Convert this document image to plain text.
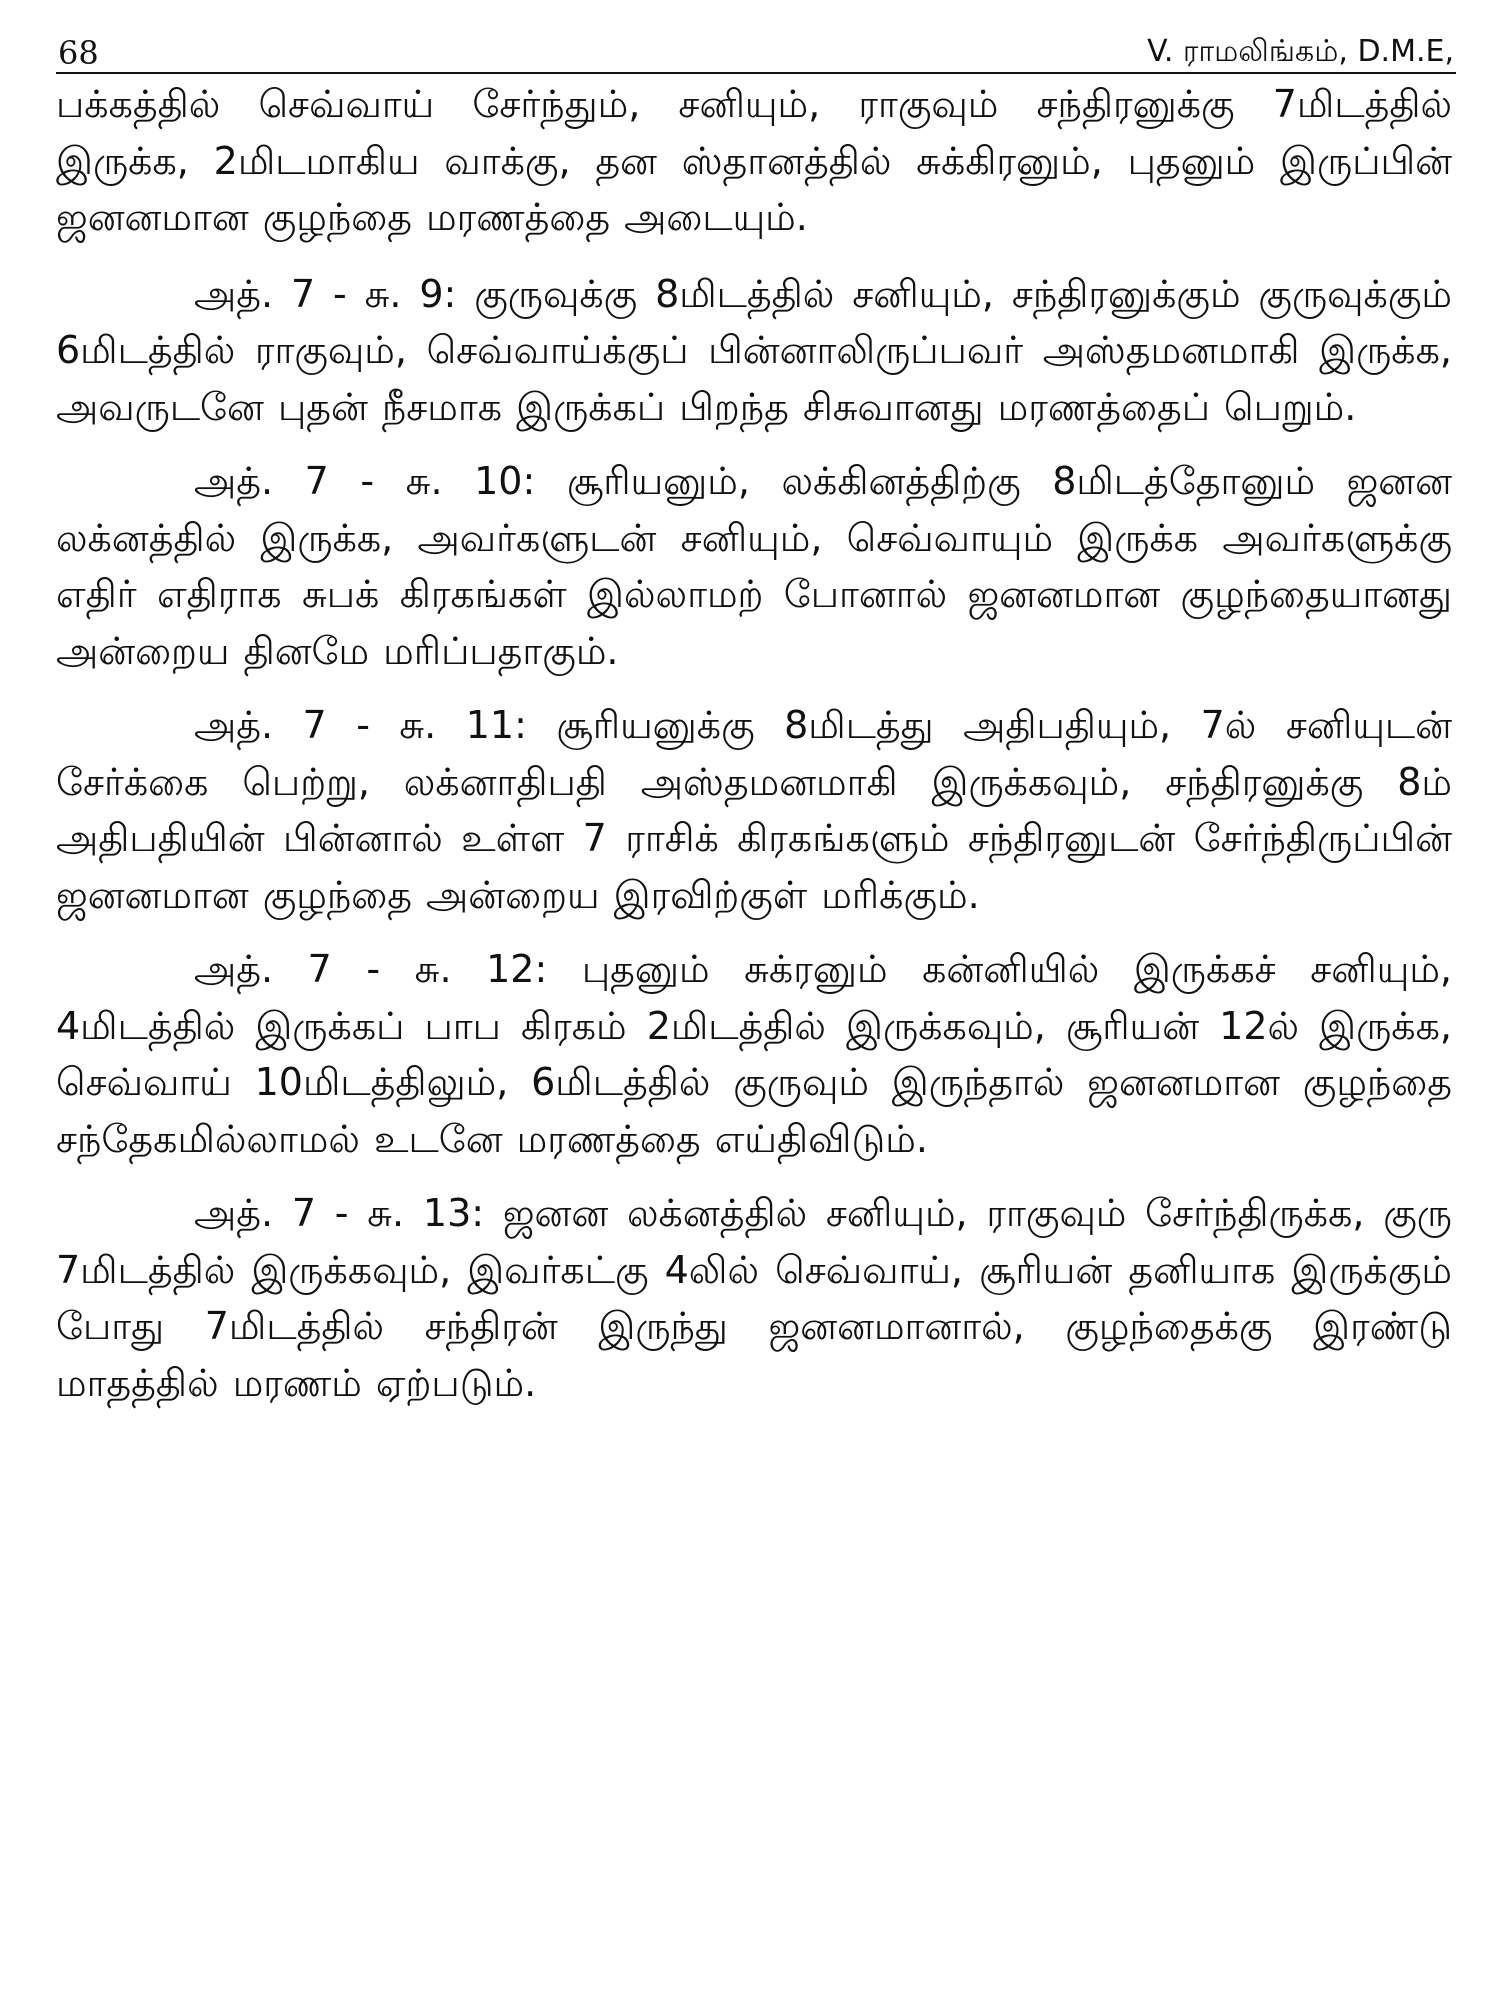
68	V. ராமலிங்கம், D.M.E,

பக்கத்தில் செவ்வாய் சேர்ந்தும், சனியும், ராகுவும் சந்திரனுக்கு 7மிடத்தில் இருக்க, 2மிடமாகிய வாக்கு, தன ஸ்தானத்தில் சுக்கிரனும், புதனும் இருப்பின் ஜனனமான குழந்தை மரணத்தை அடையும்.

அத். 7 - சு. 9: குருவுக்கு 8மிடத்தில் சனியும், சந்திரனுக்கும் குருவுக்கும் 6மிடத்தில் ராகுவும், செவ்வாய்க்குப் பின்னாலிருப்பவர் அஸ்தமனமாகி இருக்க, அவருடனே புதன் நீசமாக இருக்கப் பிறந்த சிசுவானது மரணத்தைப் பெறும்.

அத். 7 - சு. 10: சூரியனும், லக்கினத்திற்கு 8மிடத்தோனும் ஜனன லக்னத்தில் இருக்க, அவர்களுடன் சனியும், செவ்வாயும் இருக்க அவர்களுக்கு எதிர் எதிராக சுபக் கிரகங்கள் இல்லாமற் போனால் ஜனனமான குழந்தையானது அன்றைய தினமே மரிப்பதாகும்.

அத். 7 - சு. 11: சூரியனுக்கு 8மிடத்து அதிபதியும், 7ல் சனியுடன் சேர்க்கை பெற்று, லக்னாதிபதி அஸ்தமனமாகி இருக்கவும், சந்திரனுக்கு 8ம் அதிபதியின் பின்னால் உள்ள 7 ராசிக் கிரகங்களும் சந்திரனுடன் சேர்ந்திருப்பின் ஜனனமான குழந்தை அன்றைய இரவிற்குள் மரிக்கும்.

அத். 7 - சு. 12: புதனும் சுக்ரனும் கன்னியில் இருக்கச் சனியும், 4மிடத்தில் இருக்கப் பாப கிரகம் 2மிடத்தில் இருக்கவும், சூரியன் 12ல் இருக்க, செவ்வாய் 10மிடத்திலும், 6மிடத்தில் குருவும் இருந்தால் ஜனனமான குழந்தை சந்தேகமில்லாமல் உடனே மரணத்தை எய்திவிடும்.

அத். 7 - சு. 13: ஜனன லக்னத்தில் சனியும், ராகுவும் சேர்ந்திருக்க, குரு 7மிடத்தில் இருக்கவும், இவர்கட்கு 4லில் செவ்வாய், சூரியன் தனியாக இருக்கும் போது 7மிடத்தில் சந்திரன் இருந்து ஜனனமானால், குழந்தைக்கு இரண்டு மாதத்தில் மரணம் ஏற்படும்.
